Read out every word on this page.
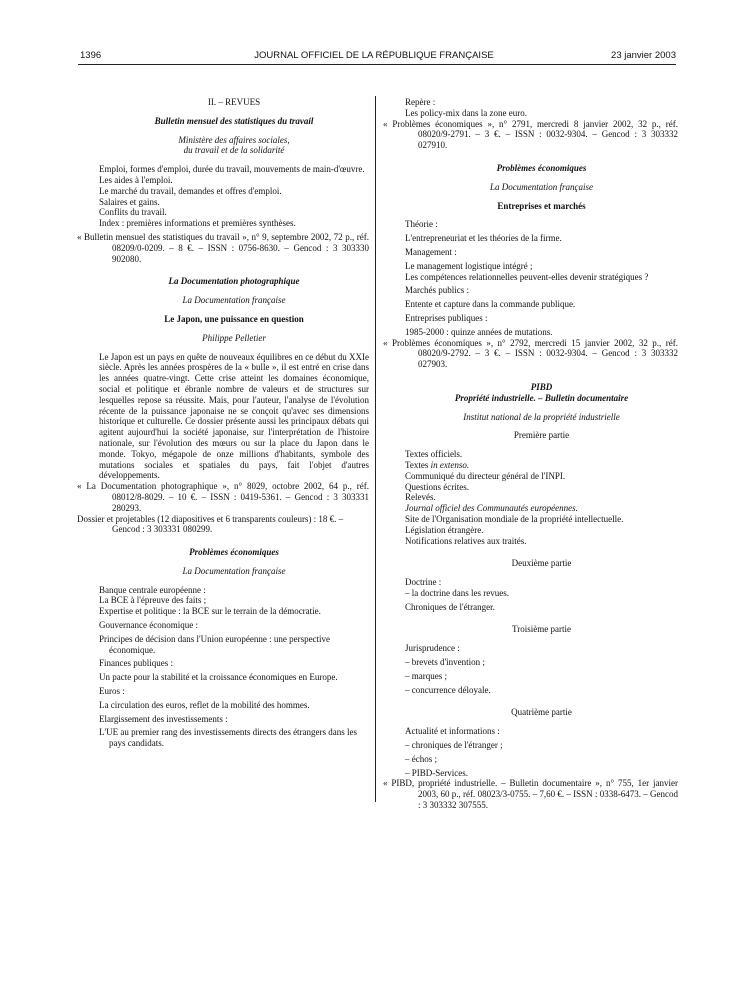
1396	JOURNAL OFFICIEL DE LA RÉPUBLIQUE FRANÇAISE	23 janvier 2003
II. – REVUES
Bulletin mensuel des statistiques du travail
Ministère des affaires sociales,
du travail et de la solidarité
Emploi, formes d'emploi, durée du travail, mouvements de main-d'œuvre.
Les aides à l'emploi.
Le marché du travail, demandes et offres d'emploi.
Salaires et gains.
Conflits du travail.
Index : premières informations et premières synthèses.
« Bulletin mensuel des statistiques du travail », n° 9, septembre 2002, 72 p., réf. 08209/0-0209. – 8 €. – ISSN : 0756-8630. – Gencod : 3 303330 902080.
La Documentation photographique
La Documentation française
Le Japon, une puissance en question
Philippe Pelletier
Le Japon est un pays en quête de nouveaux équilibres en ce début du XXIe siècle. Après les années prospères de la « bulle », il est entré en crise dans les années quatre-vingt. Cette crise atteint les domaines économique, social et politique et ébranle nombre de valeurs et de structures sur lesquelles repose sa réussite. Mais, pour l'auteur, l'analyse de l'évolution récente de la puissance japonaise ne se conçoit qu'avec ses dimensions historique et culturelle. Ce dossier présente aussi les principaux débats qui agitent aujourd'hui la société japonaise, sur l'interprétation de l'histoire nationale, sur l'évolution des mœurs ou sur la place du Japon dans le monde. Tokyo, mégapole de onze millions d'habitants, symbole des mutations sociales et spatiales du pays, fait l'objet d'autres développements.
« La Documentation photographique », n° 8029, octobre 2002, 64 p., réf. 08012/8-8029. – 10 €. – ISSN : 0419-5361. – Gencod : 3 303331 280293.
Dossier et projetables (12 diapositives et 6 transparents couleurs) : 18 €. – Gencod : 3 303331 080299.
Problèmes économiques
La Documentation française
Banque centrale européenne :
La BCE à l'épreuve des faits ;
Expertise et politique : la BCE sur le terrain de la démocratie.
Gouvernance économique :
Principes de décision dans l'Union européenne : une perspective économique.
Finances publiques :
Un pacte pour la stabilité et la croissance économiques en Europe.
Euros :
La circulation des euros, reflet de la mobilité des hommes.
Elargissement des investissements :
L'UE au premier rang des investissements directs des étrangers dans les pays candidats.
Repère :
Les policy-mix dans la zone euro.
« Problèmes économiques », n° 2791, mercredi 8 janvier 2002, 32 p., réf. 08020/9-2791. – 3 €. – ISSN : 0032-9304. – Gencod : 3 303332 027910.
Problèmes économiques
La Documentation française
Entreprises et marchés
Théorie :
L'entrepreneuriat et les théories de la firme.
Management :
Le management logistique intégré ;
Les compétences relationnelles peuvent-elles devenir stratégiques ?
Marchés publics :
Entente et capture dans la commande publique.
Entreprises publiques :
1985-2000 : quinze années de mutations.
« Problèmes économiques », n° 2792, mercredi 15 janvier 2002, 32 p., réf. 08020/9-2792. – 3 €. – ISSN : 0032-9304. – Gencod : 3 303332 027903.
PIBD
Propriété industrielle. – Bulletin documentaire
Institut national de la propriété industrielle
Première partie
Textes officiels.
Textes in extenso.
Communiqué du directeur général de l'INPI.
Questions écrites.
Relevés.
Journal officiel des Communautés européennes.
Site de l'Organisation mondiale de la propriété intellectuelle.
Législation étrangère.
Notifications relatives aux traités.
Deuxième partie
Doctrine :
– la doctrine dans les revues.
Chroniques de l'étranger.
Troisième partie
Jurisprudence :
– brevets d'invention ;
– marques ;
– concurrence déloyale.
Quatrième partie
Actualité et informations :
– chroniques de l'étranger ;
– échos ;
– PIBD-Services.
« PIBD, propriété industrielle. – Bulletin documentaire », n° 755, 1er janvier 2003, 60 p., réf. 08023/3-0755. – 7,60 €. – ISSN : 0338-6473. – Gencod : 3 303332 307555.
